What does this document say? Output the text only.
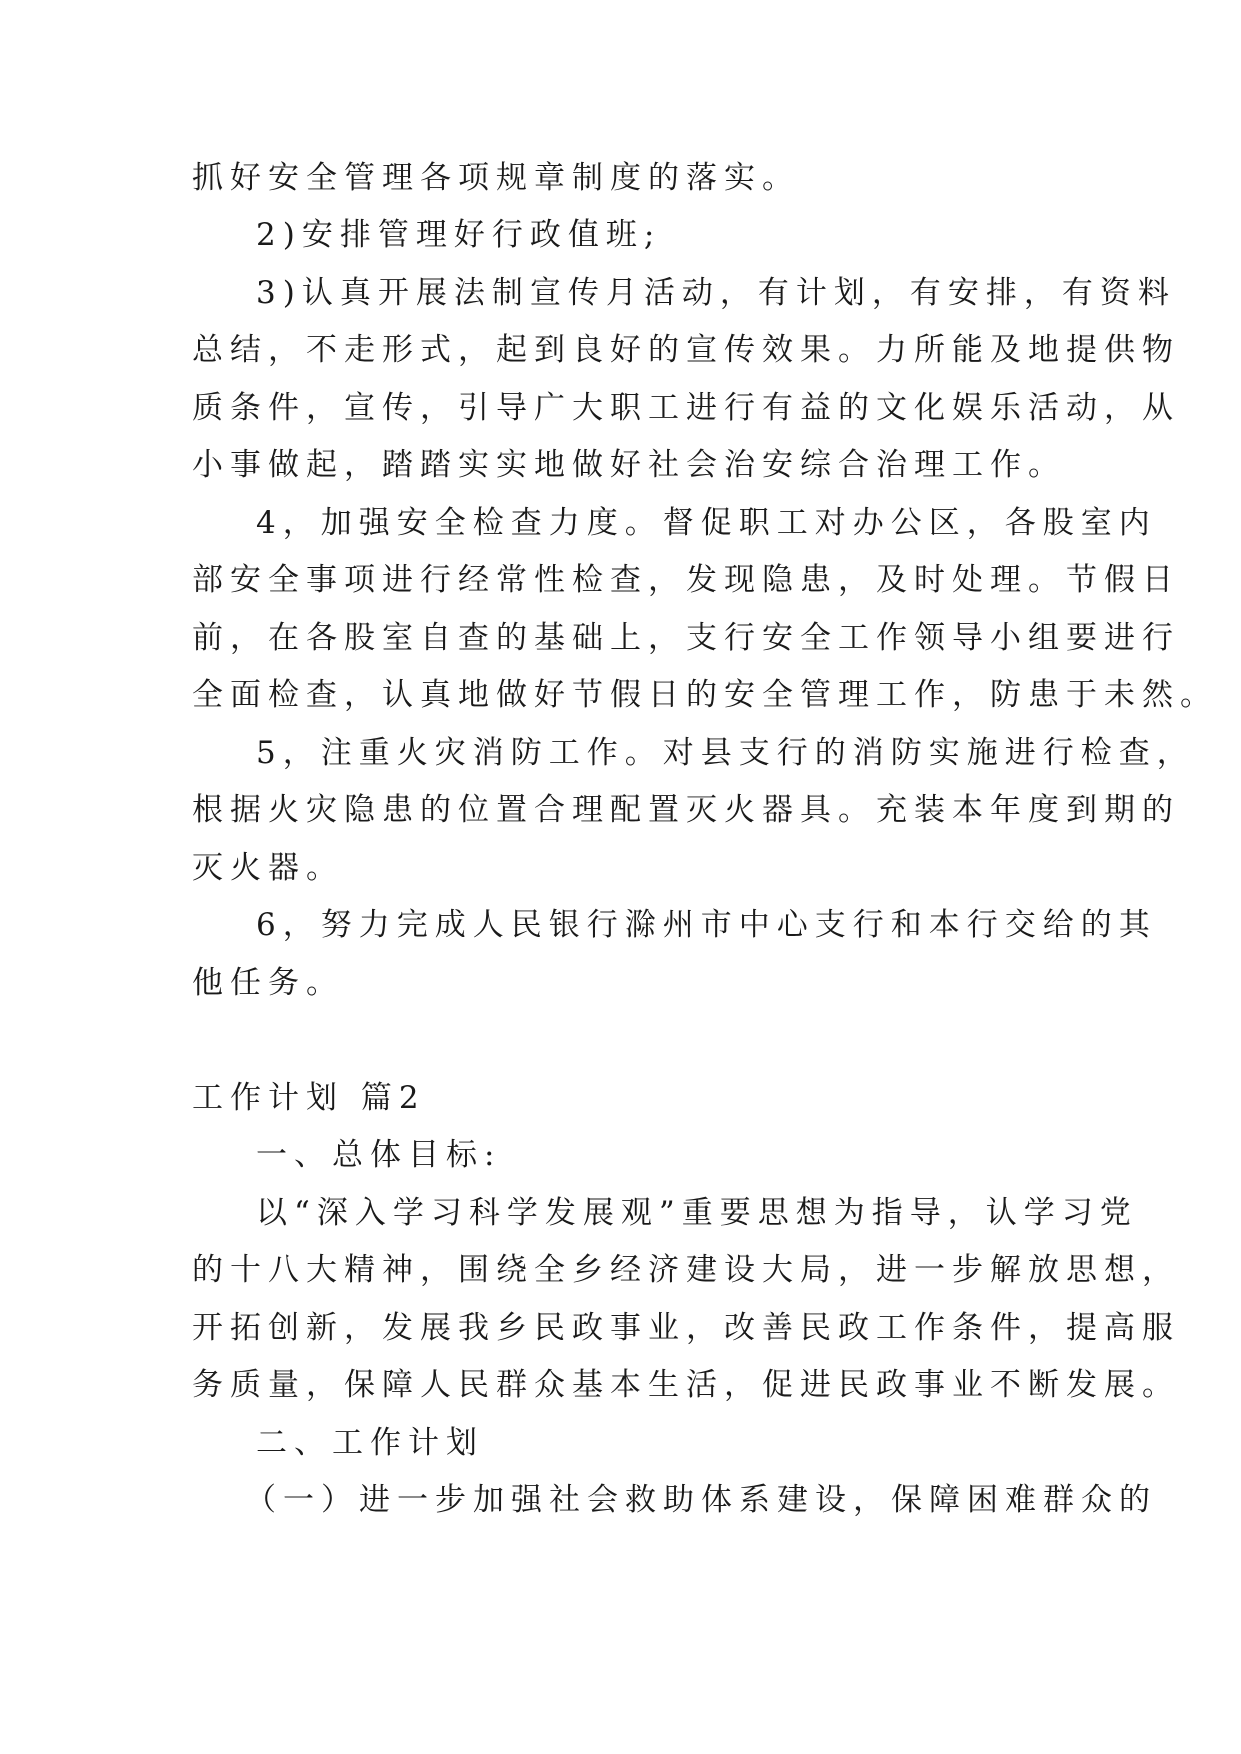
抓好安全管理各项规章制度的落实。
2)安排管理好行政值班;
3)认真开展法制宣传月活动，有计划，有安排，有资料
总结，不走形式，起到良好的宣传效果。力所能及地提供物
质条件，宣传，引导广大职工进行有益的文化娱乐活动，从
小事做起，踏踏实实地做好社会治安综合治理工作。
4，加强安全检查力度。督促职工对办公区，各股室内
部安全事项进行经常性检查，发现隐患，及时处理。节假日
前，在各股室自查的基础上，支行安全工作领导小组要进行
全面检查，认真地做好节假日的安全管理工作，防患于未然。
5，注重火灾消防工作。对县支行的消防实施进行检查，
根据火灾隐患的位置合理配置灭火器具。充装本年度到期的
灭火器。
6，努力完成人民银行滁州市中心支行和本行交给的其
他任务。
工作计划 篇2
一、总体目标:
以“深入学习科学发展观”重要思想为指导，认学习党
的十八大精神，围绕全乡经济建设大局，进一步解放思想，
开拓创新，发展我乡民政事业，改善民政工作条件，提高服
务质量，保障人民群众基本生活，促进民政事业不断发展。
二、工作计划
（一）进一步加强社会救助体系建设，保障困难群众的
